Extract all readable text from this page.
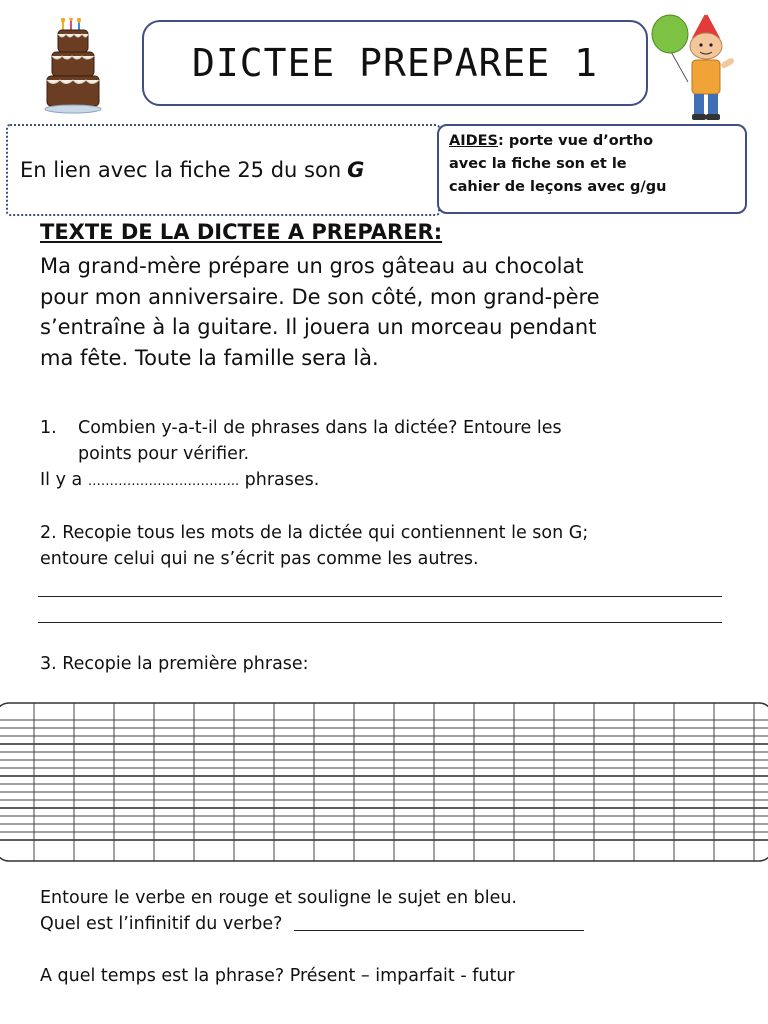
DICTEE PREPAREE 1
En lien avec la fiche 25 du son G
AIDES: porte vue d’ortho
avec la fiche son et le
cahier de leçons avec g/gu
TEXTE DE LA DICTEE A PREPARER:
Ma grand-mère prépare un gros gâteau au chocolat
pour mon anniversaire. De son côté, mon grand-père
s’entraîne à la guitare. Il jouera un morceau pendant
ma fête. Toute la famille sera là.
1. Combien y-a-t-il de phrases dans la dictée? Entoure les
points pour vérifier.
Il y a …………………………….. phrases.
2. Recopie tous les mots de la dictée qui contiennent le son G;
entoure celui qui ne s’écrit pas comme les autres.
3. Recopie la première phrase:
Entoure le verbe en rouge et souligne le sujet en bleu.
Quel est l’infinitif du verbe?
A quel temps est la phrase? Présent – imparfait - futur
